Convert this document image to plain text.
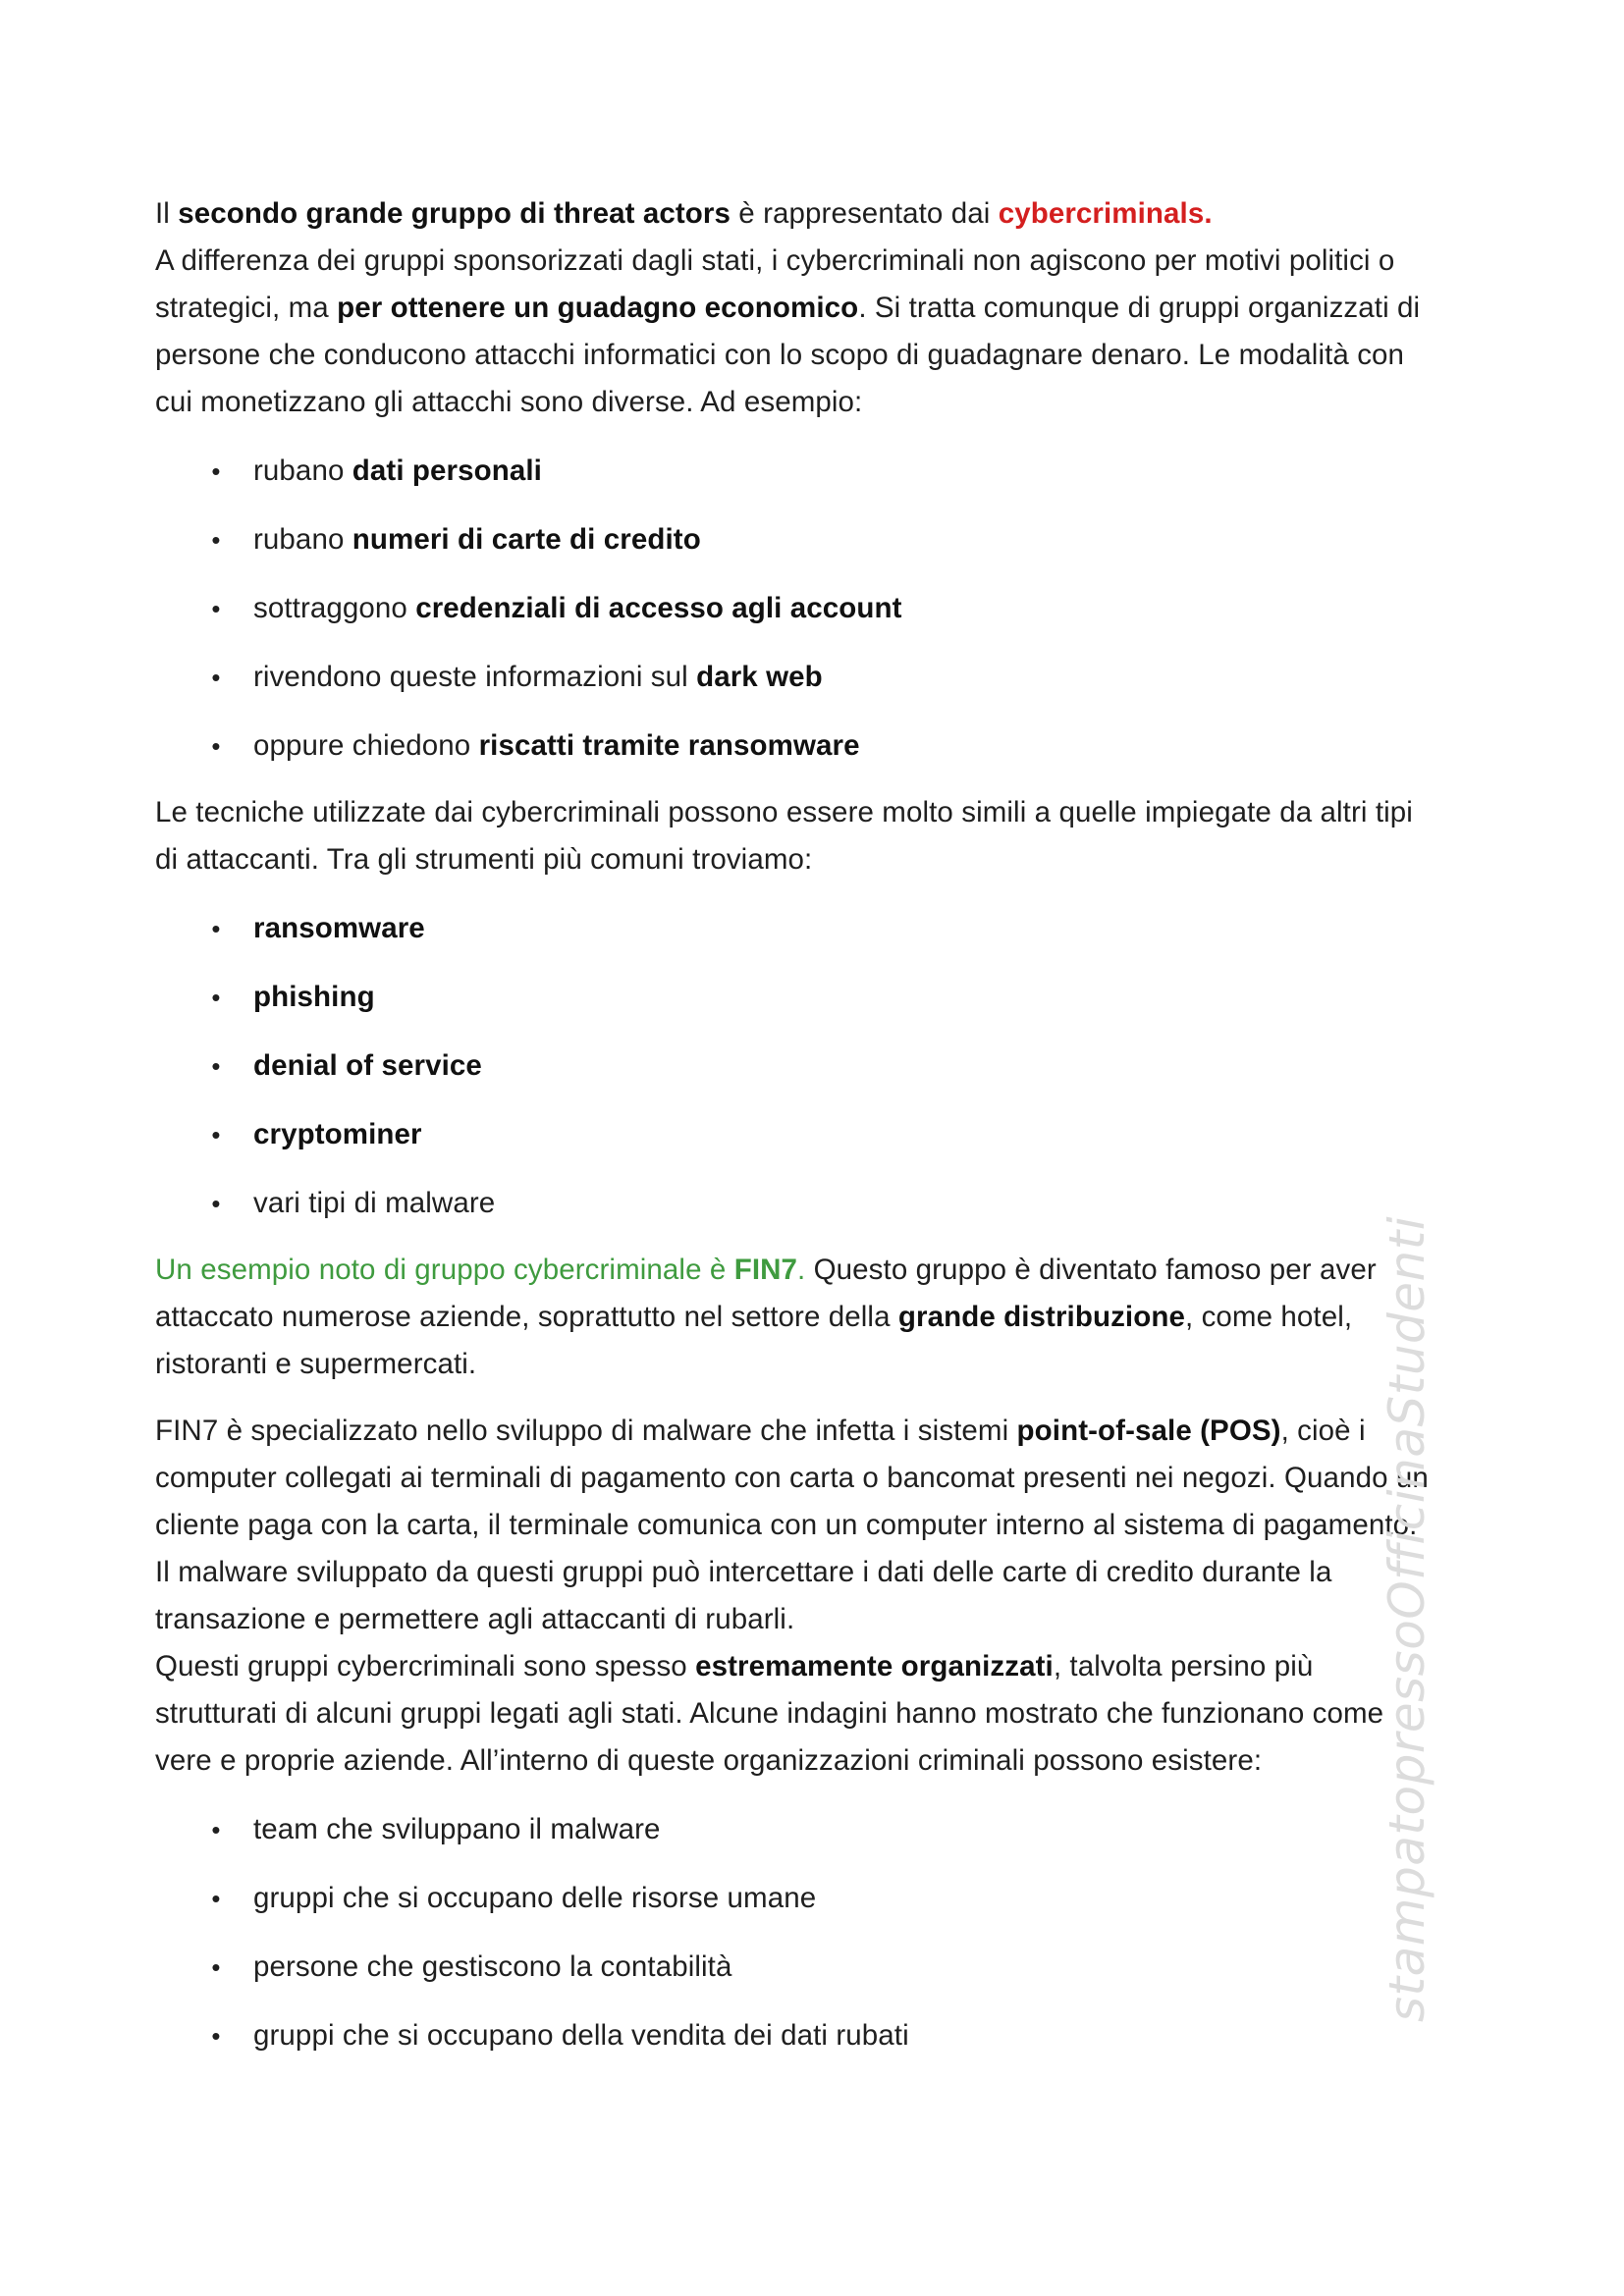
Il secondo grande gruppo di threat actors è rappresentato dai cybercriminals.

A differenza dei gruppi sponsorizzati dagli stati, i cybercriminali non agiscono per motivi politici o

strategici, ma per ottenere un guadagno economico. Si tratta comunque di gruppi organizzati di

persone che conducono attacchi informatici con lo scopo di guadagnare denaro. Le modalità con

cui monetizzano gli attacchi sono diverse. Ad esempio:

• rubano dati personali
• rubano numeri di carte di credito
• sottraggono credenziali di accesso agli account
• rivendono queste informazioni sul dark web
• oppure chiedono riscatti tramite ransomware

Le tecniche utilizzate dai cybercriminali possono essere molto simili a quelle impiegate da altri tipi

di attaccanti. Tra gli strumenti più comuni troviamo:

• ransomware
• phishing
• denial of service
• cryptominer
• vari tipi di malware

Un esempio noto di gruppo cybercriminale è FIN7. Questo gruppo è diventato famoso per aver

attaccato numerose aziende, soprattutto nel settore della grande distribuzione, come hotel,

ristoranti e supermercati.

FIN7 è specializzato nello sviluppo di malware che infetta i sistemi point-of-sale (POS), cioè i

computer collegati ai terminali di pagamento con carta o bancomat presenti nei negozi. Quando un

cliente paga con la carta, il terminale comunica con un computer interno al sistema di pagamento.

Il malware sviluppato da questi gruppi può intercettare i dati delle carte di credito durante la

transazione e permettere agli attaccanti di rubarli.

Questi gruppi cybercriminali sono spesso estremamente organizzati, talvolta persino più

strutturati di alcuni gruppi legati agli stati. Alcune indagini hanno mostrato che funzionano come

vere e proprie aziende. All’interno di queste organizzazioni criminali possono esistere:

• team che sviluppano il malware
• gruppi che si occupano delle risorse umane
• persone che gestiscono la contabilità
• gruppi che si occupano della vendita dei dati rubati
stampatopressoOfficinaStudenti
